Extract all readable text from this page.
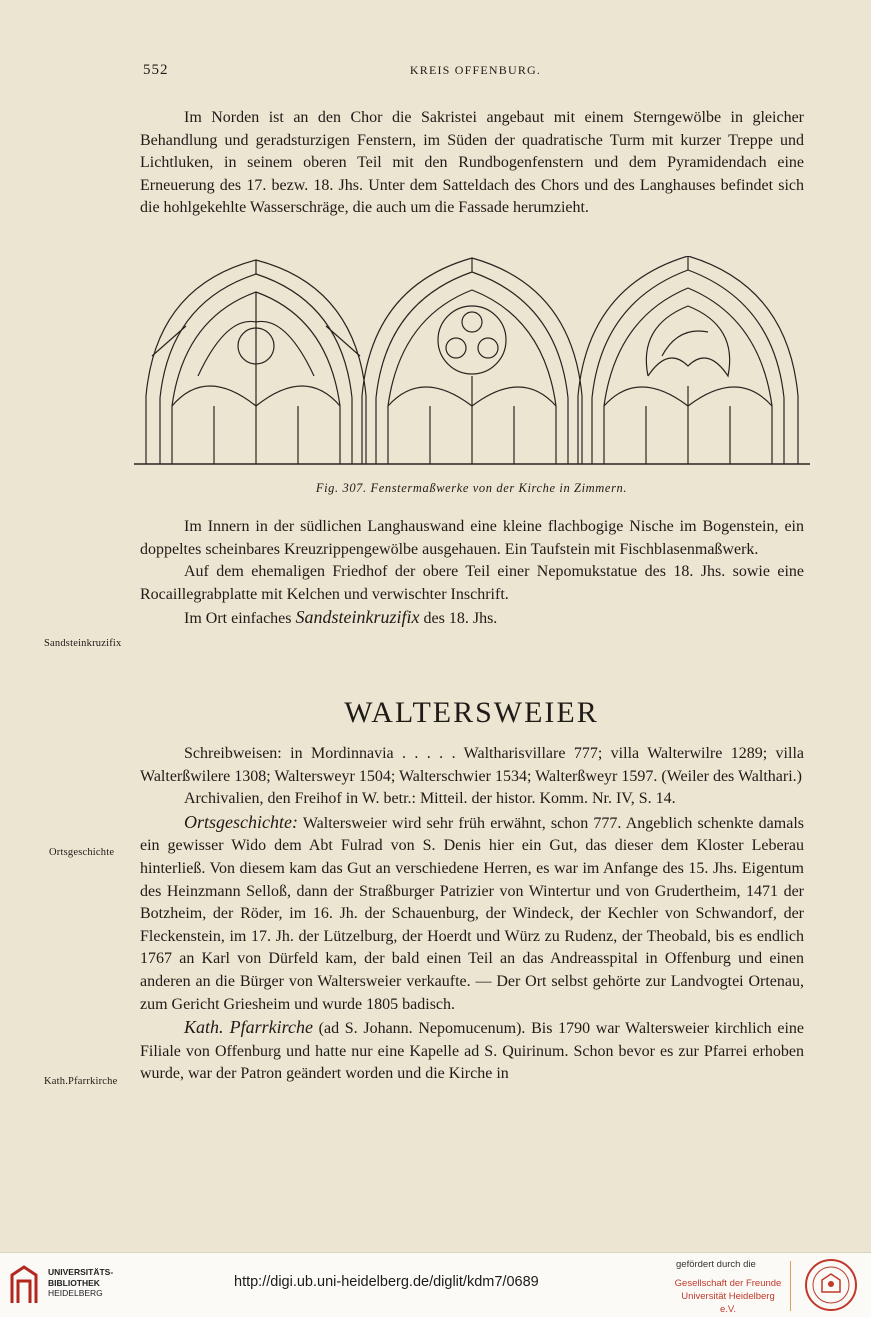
552	KREIS OFFENBURG.

Im Norden ist an den Chor die Sakristei angebaut mit einem Sterngewölbe in gleicher Behandlung und geradsturzigen Fenstern, im Süden der quadratische Turm mit kurzer Treppe und Lichtluken, in seinem oberen Teil mit den Rundbogenfenstern und dem Pyramidendach eine Erneuerung des 17. bezw. 18. Jhs. Unter dem Satteldach des Chors und des Langhauses befindet sich die hohlgekehlte Wasserschräge, die auch um die Fassade herumzieht.

Fig. 307. Fenstermaßwerke von der Kirche in Zimmern.

Im Innern in der südlichen Langhauswand eine kleine flachbogige Nische im Bogenstein, ein doppeltes scheinbares Kreuzrippengewölbe ausgehauen. Ein Taufstein mit Fischblasenmaßwerk.

Auf dem ehemaligen Friedhof der obere Teil einer Nepomukstatue des 18. Jhs. sowie eine Rocaillegrabplatte mit Kelchen und verwischter Inschrift.

Im Ort einfaches Sandsteinkruzifix des 18. Jhs.

Sandsteinkruzifix
WALTERSWEIER

Schreibweisen: in Mordinnavia . . . . . Waltharisvillare 777; villa Walterwilre 1289; villa Walterßwilere 1308; Waltersweyr 1504; Walterschwier 1534; Walterßweyr 1597. (Weiler des Walthari.)

Archivalien, den Freihof in W. betr.: Mitteil. der histor. Komm. Nr. IV, S. 14.

Ortsgeschichte: Waltersweier wird sehr früh erwähnt, schon 777. Angeblich schenkte damals ein gewisser Wido dem Abt Fulrad von S. Denis hier ein Gut, das dieser dem Kloster Leberau hinterließ. Von diesem kam das Gut an verschiedene Herren, es war im Anfange des 15. Jhs. Eigentum des Heinzmann Selloß, dann der Straßburger Patrizier von Wintertur und von Grudertheim, 1471 der Botzheim, der Röder, im 16. Jh. der Schauenburg, der Windeck, der Kechler von Schwandorf, der Fleckenstein, im 17. Jh. der Lützelburg, der Hoerdt und Würz zu Rudenz, der Theobald, bis es endlich 1767 an Karl von Dürfeld kam, der bald einen Teil an das Andreasspital in Offenburg und einen anderen an die Bürger von Waltersweier verkaufte. — Der Ort selbst gehörte zur Landvogtei Ortenau, zum Gericht Griesheim und wurde 1805 badisch.

Kath. Pfarrkirche (ad S. Johann. Nepomucenum). Bis 1790 war Waltersweier kirchlich eine Filiale von Offenburg und hatte nur eine Kapelle ad S. Quirinum. Schon bevor es zur Pfarrei erhoben wurde, war der Patron geändert worden und die Kirche in

Ortsgeschichte
Kath.Pfarrkirche
UNIVERSITÄTS-
BIBLIOTHEK
HEIDELBERG
http://digi.ub.uni-heidelberg.de/diglit/kdm7/0689
gefördert durch die
Gesellschaft der Freunde
Universität Heidelberg e.V.
